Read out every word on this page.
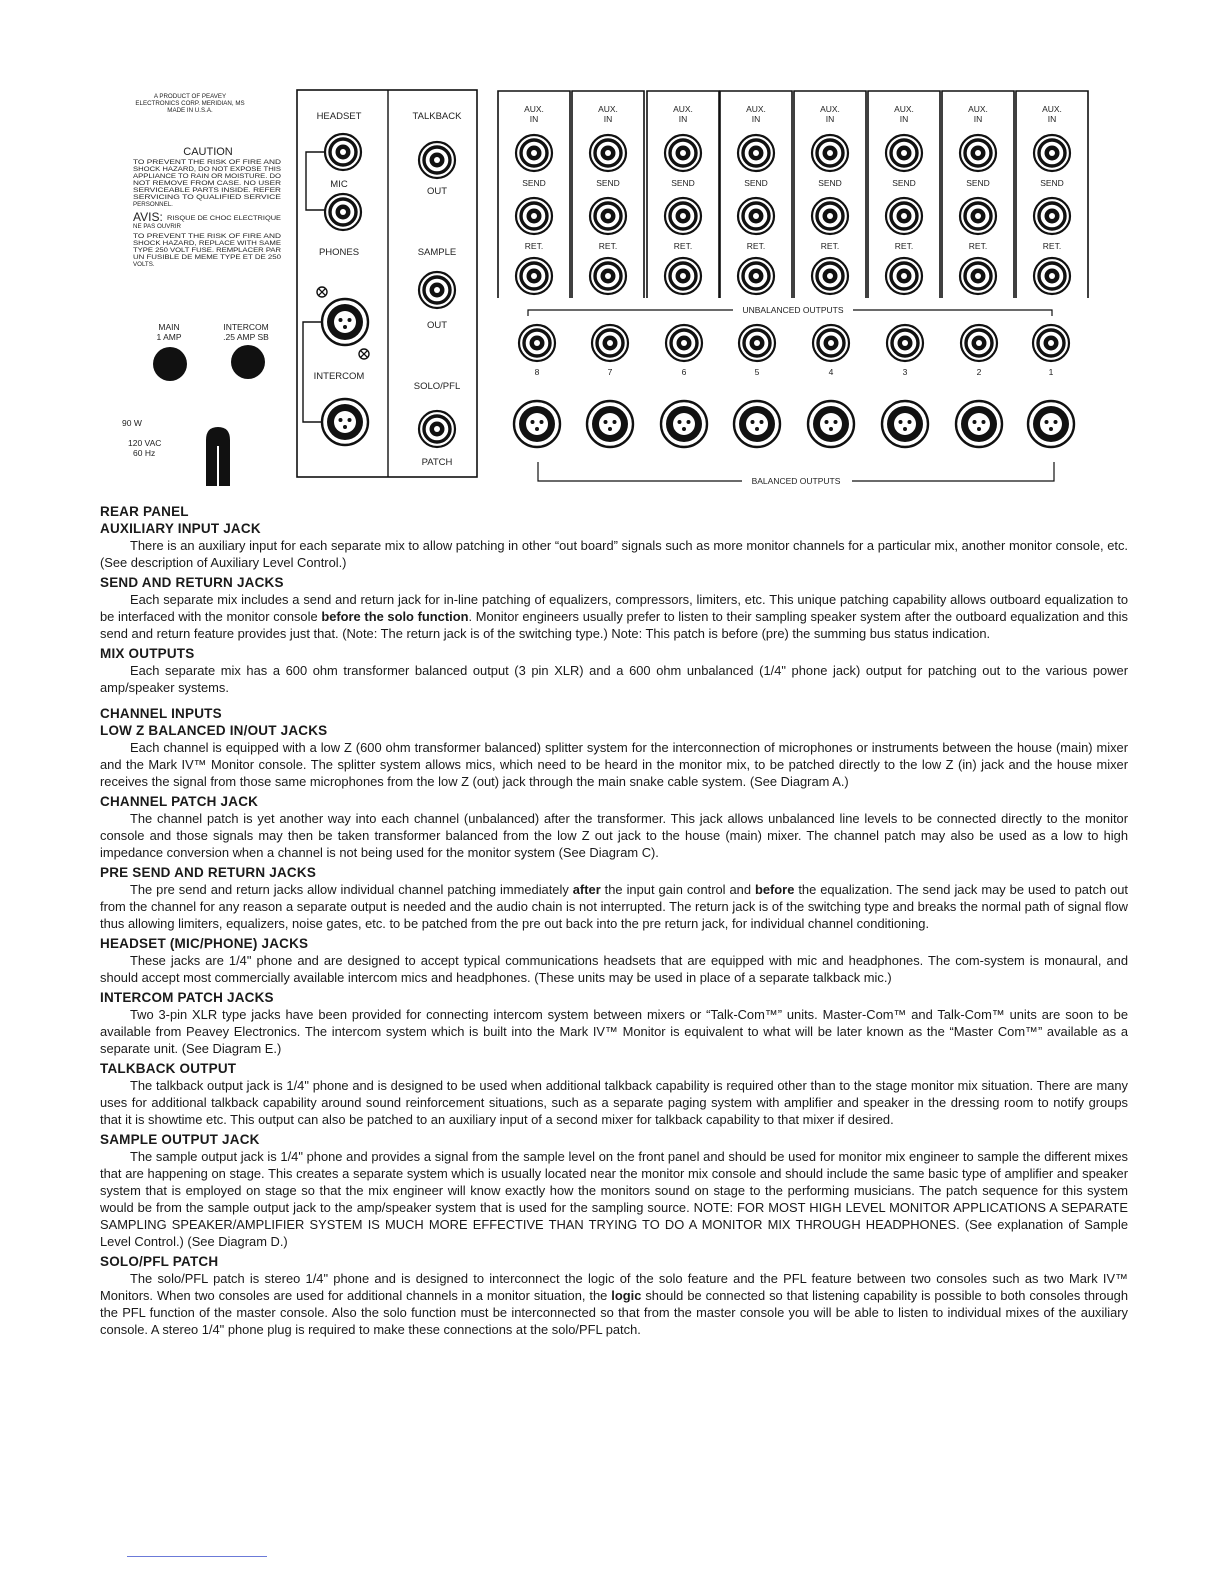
A PRODUCT OF PEAVEY
ELECTRONICS CORP. MERIDIAN, MS
MADE IN U.S.A.
CAUTION
TO PREVENT THE RISK OF FIRE AND
SHOCK HAZARD, DO NOT EXPOSE THIS
APPLIANCE TO RAIN OR MOISTURE. DO
NOT REMOVE FROM CASE. NO USER
SERVICEABLE PARTS INSIDE. REFER
SERVICING TO QUALIFIED SERVICE
PERSONNEL.
AVIS: RISQUE DE CHOC ELECTRIQUE
NE PAS OUVRIR
TO PREVENT THE RISK OF FIRE AND
SHOCK HAZARD, REPLACE WITH SAME
TYPE 250 VOLT FUSE. REMPLACER PAR
UN FUSIBLE DE MEME TYPE ET DE 250
VOLTS.
MAIN
1 AMP
INTERCOM
.25 AMP SB
90 W
120 VAC
60 Hz
HEADSET
MIC
PHONES
INTERCOM
TALKBACK
OUT
SAMPLE
OUT
SOLO/PFL
PATCH
AUX.
IN
SEND
RET.
AUX.
IN
SEND
RET.
AUX.
IN
SEND
RET.
AUX.
IN
SEND
RET.
AUX.
IN
SEND
RET.
AUX.
IN
SEND
RET.
AUX.
IN
SEND
RET.
AUX.
IN
SEND
RET.
UNBALANCED OUTPUTS
8	7	6	5	4	3	2	1
BALANCED OUTPUTS
REAR PANEL
AUXILIARY INPUT JACK

There is an auxiliary input for each separate mix to allow patching in other “out board” signals such as more monitor channels for a particular mix, another monitor console, etc. (See description of Auxiliary Level Control.)

SEND AND RETURN JACKS

Each separate mix includes a send and return jack for in-line patching of equalizers, compressors, limiters, etc. This unique patching capability allows outboard equalization to be interfaced with the monitor console before the solo function. Monitor engineers usually prefer to listen to their sampling speaker system after the outboard equalization and this send and return feature provides just that. (Note: The return jack is of the switching type.) Note: This patch is before (pre) the summing bus status indication.

MIX OUTPUTS

Each separate mix has a 600 ohm transformer balanced output (3 pin XLR) and a 600 ohm unbalanced (1/4" phone jack) output for patching out to the various power amp/speaker systems.

CHANNEL INPUTS
LOW Z BALANCED IN/OUT JACKS

Each channel is equipped with a low Z (600 ohm transformer balanced) splitter system for the interconnection of microphones or instruments between the house (main) mixer and the Mark IV™ Monitor console. The splitter system allows mics, which need to be heard in the monitor mix, to be patched directly to the low Z (in) jack and the house mixer receives the signal from those same microphones from the low Z (out) jack through the main snake cable system. (See Diagram A.)

CHANNEL PATCH JACK

The channel patch is yet another way into each channel (unbalanced) after the transformer. This jack allows unbalanced line levels to be connected directly to the monitor console and those signals may then be taken transformer balanced from the low Z out jack to the house (main) mixer. The channel patch may also be used as a low to high impedance conversion when a channel is not being used for the monitor system (See Diagram C).

PRE SEND AND RETURN JACKS

The pre send and return jacks allow individual channel patching immediately after the input gain control and before the equalization. The send jack may be used to patch out from the channel for any reason a separate output is needed and the audio chain is not interrupted. The return jack is of the switching type and breaks the normal path of signal flow thus allowing limiters, equalizers, noise gates, etc. to be patched from the pre out back into the pre return jack, for individual channel conditioning.

HEADSET (MIC/PHONE) JACKS

These jacks are 1/4" phone and are designed to accept typical communications headsets that are equipped with mic and headphones. The com-system is monaural, and should accept most commercially available intercom mics and headphones. (These units may be used in place of a separate talkback mic.)

INTERCOM PATCH JACKS

Two 3-pin XLR type jacks have been provided for connecting intercom system between mixers or “Talk-Com™” units. Master-Com™ and Talk-Com™ units are soon to be available from Peavey Electronics. The intercom system which is built into the Mark IV™ Monitor is equivalent to what will be later known as the “Master Com™” available as a separate unit. (See Diagram E.)

TALKBACK OUTPUT

The talkback output jack is 1/4" phone and is designed to be used when additional talkback capability is required other than to the stage monitor mix situation. There are many uses for additional talkback capability around sound reinforcement situations, such as a separate paging system with amplifier and speaker in the dressing room to notify groups that it is showtime etc. This output can also be patched to an auxiliary input of a second mixer for talkback capability to that mixer if desired.

SAMPLE OUTPUT JACK

The sample output jack is 1/4" phone and provides a signal from the sample level on the front panel and should be used for monitor mix engineer to sample the different mixes that are happening on stage. This creates a separate system which is usually located near the monitor mix console and should include the same basic type of amplifier and speaker system that is employed on stage so that the mix engineer will know exactly how the monitors sound on stage to the performing musicians. The patch sequence for this system would be from the sample output jack to the amp/speaker system that is used for the sampling source. NOTE: FOR MOST HIGH LEVEL MONITOR APPLICATIONS A SEPARATE SAMPLING SPEAKER/AMPLIFIER SYSTEM IS MUCH MORE EFFECTIVE THAN TRYING TO DO A MONITOR MIX THROUGH HEADPHONES. (See explanation of Sample Level Control.) (See Diagram D.)

SOLO/PFL PATCH

The solo/PFL patch is stereo 1/4" phone and is designed to interconnect the logic of the solo feature and the PFL feature between two consoles such as two Mark IV™ Monitors. When two consoles are used for additional channels in a monitor situation, the logic should be connected so that listening capability is possible to both consoles through the PFL function of the master console. Also the solo function must be interconnected so that from the master console you will be able to listen to individual mixes of the auxiliary console. A stereo 1/4" phone plug is required to make these connections at the solo/PFL patch.
